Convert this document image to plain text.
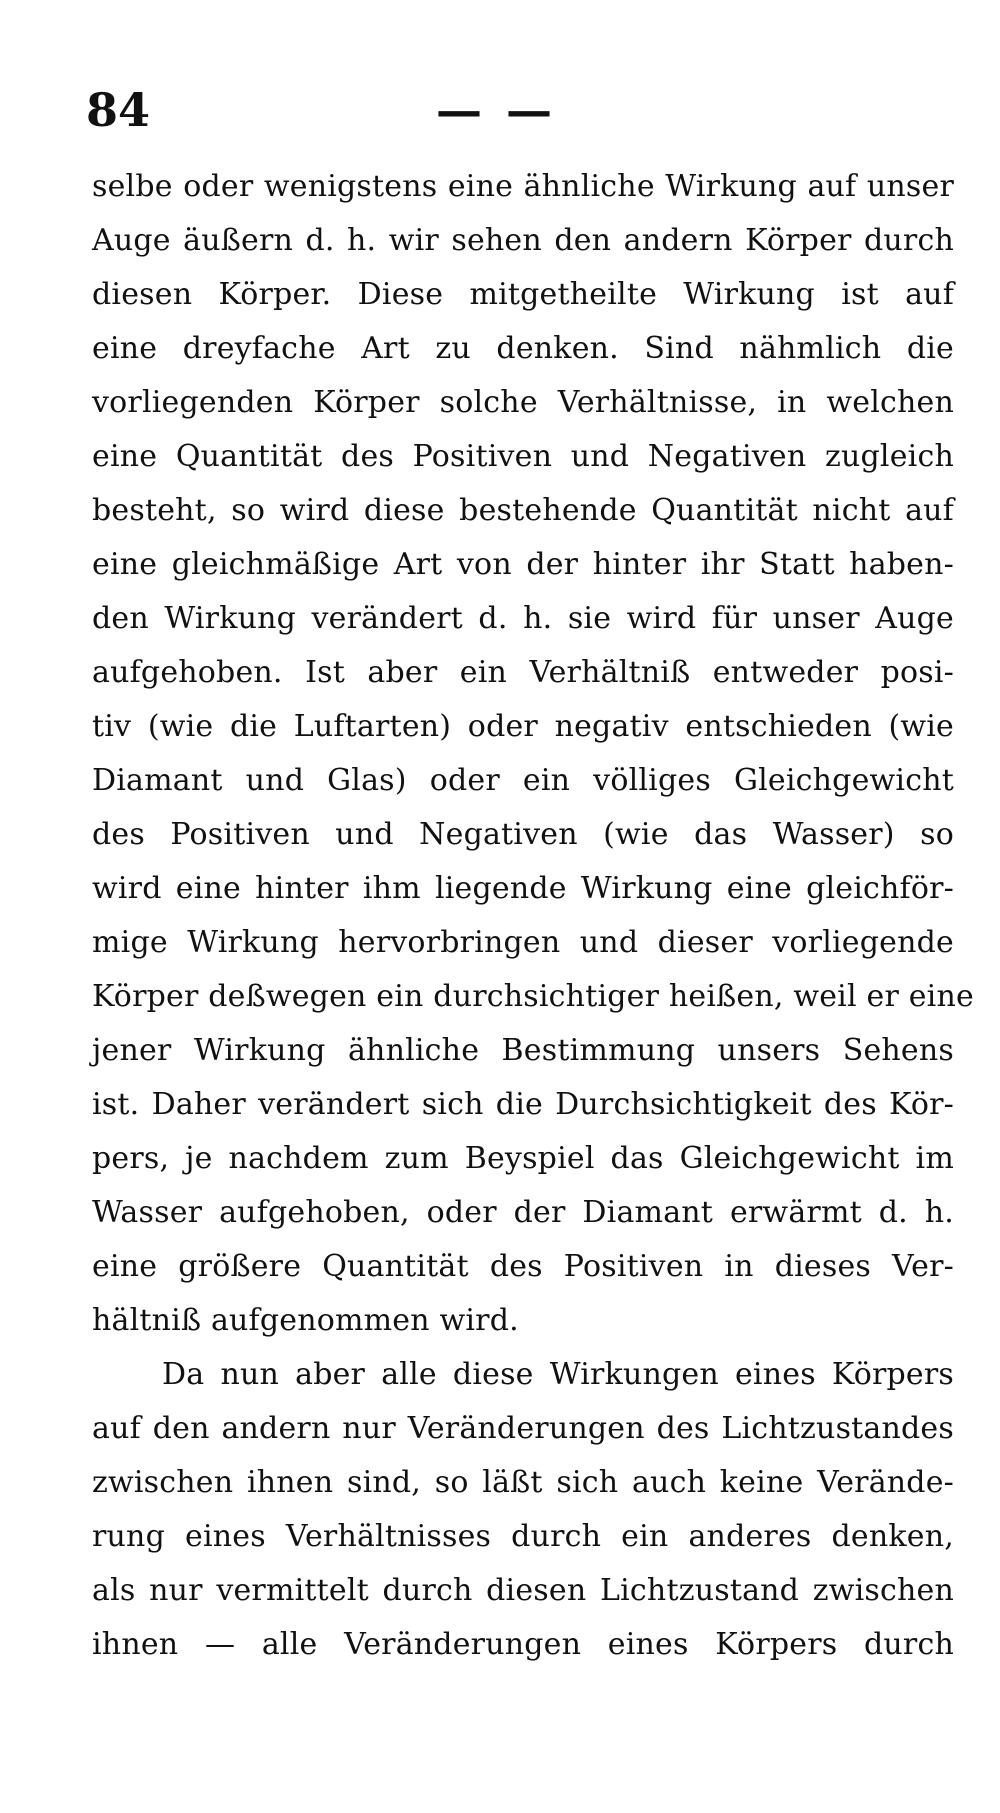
84	— —
selbe oder wenigstens eine ähnliche Wirkung auf unser
Auge äußern d. h. wir sehen den andern Körper durch
diesen Körper. Diese mitgetheilte Wirkung ist auf
eine dreyfache Art zu denken. Sind nähmlich die
vorliegenden Körper solche Verhältnisse, in welchen
eine Quantität des Positiven und Negativen zugleich
besteht, so wird diese bestehende Quantität nicht auf
eine gleichmäßige Art von der hinter ihr Statt haben-
den Wirkung verändert d. h. sie wird für unser Auge
aufgehoben. Ist aber ein Verhältniß entweder posi-
tiv (wie die Luftarten) oder negativ entschieden (wie
Diamant und Glas) oder ein völliges Gleichgewicht
des Positiven und Negativen (wie das Wasser) so
wird eine hinter ihm liegende Wirkung eine gleichför-
mige Wirkung hervorbringen und dieser vorliegende
Körper deßwegen ein durchsichtiger heißen, weil er eine
jener Wirkung ähnliche Bestimmung unsers Sehens
ist. Daher verändert sich die Durchsichtigkeit des Kör-
pers, je nachdem zum Beyspiel das Gleichgewicht im
Wasser aufgehoben, oder der Diamant erwärmt d. h.
eine größere Quantität des Positiven in dieses Ver-
hältniß aufgenommen wird.
Da nun aber alle diese Wirkungen eines Körpers
auf den andern nur Veränderungen des Lichtzustandes
zwischen ihnen sind, so läßt sich auch keine Verände-
rung eines Verhältnisses durch ein anderes denken,
als nur vermittelt durch diesen Lichtzustand zwischen
ihnen — alle Veränderungen eines Körpers durch
